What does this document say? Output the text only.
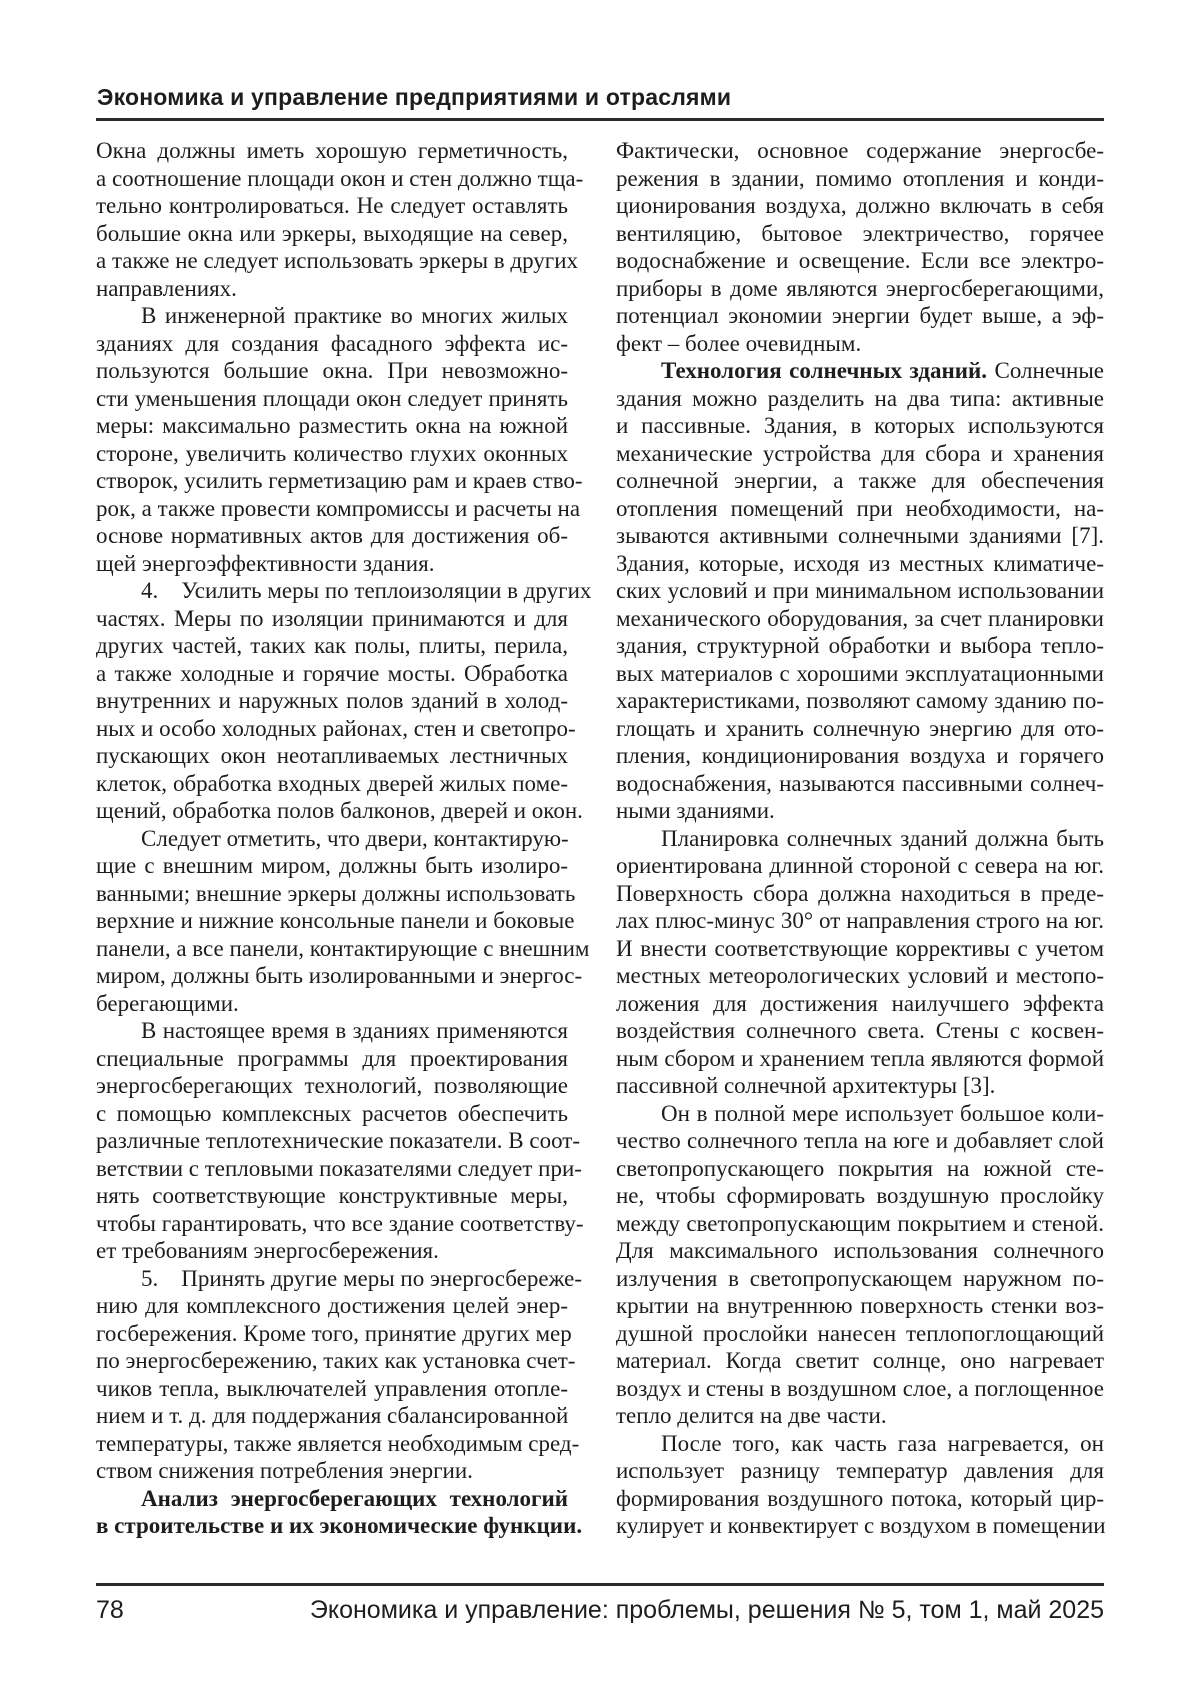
Экономика и управление предприятиями и отраслями
Окна должны иметь хорошую герметичность,
а соотношение площади окон и стен должно тща-
тельно контролироваться. Не следует оставлять
большие окна или эркеры, выходящие на север,
а также не следует использовать эркеры в других
направлениях.
В инженерной практике во многих жилых
зданиях для создания фасадного эффекта ис-
пользуются большие окна. При невозможно-
сти уменьшения площади окон следует принять
меры: максимально разместить окна на южной
стороне, увеличить количество глухих оконных
створок, усилить герметизацию рам и краев ство-
рок, а также провести компромиссы и расчеты на
основе нормативных актов для достижения об-
щей энергоэффективности здания.
4. Усилить меры по теплоизоляции в других
частях. Меры по изоляции принимаются и для
других частей, таких как полы, плиты, перила,
а также холодные и горячие мосты. Обработка
внутренних и наружных полов зданий в холод-
ных и особо холодных районах, стен и светопро-
пускающих окон неотапливаемых лестничных
клеток, обработка входных дверей жилых поме-
щений, обработка полов балконов, дверей и окон.
Следует отметить, что двери, контактирую-
щие с внешним миром, должны быть изолиро-
ванными; внешние эркеры должны использовать
верхние и нижние консольные панели и боковые
панели, а все панели, контактирующие с внешним
миром, должны быть изолированными и энергос-
берегающими.
В настоящее время в зданиях применяются
специальные программы для проектирования
энергосберегающих технологий, позволяющие
с помощью комплексных расчетов обеспечить
различные теплотехнические показатели. В соот-
ветствии с тепловыми показателями следует при-
нять соответствующие конструктивные меры,
чтобы гарантировать, что все здание соответству-
ет требованиям энергосбережения.
5. Принять другие меры по энергосбереже-
нию для комплексного достижения целей энер-
госбережения. Кроме того, принятие других мер
по энергосбережению, таких как установка счет-
чиков тепла, выключателей управления отопле-
нием и т. д. для поддержания сбалансированной
температуры, также является необходимым сред-
ством снижения потребления энергии.
Анализ энергосберегающих технологий
в строительстве и их экономические функции.
Фактически, основное содержание энергосбе-
режения в здании, помимо отопления и конди-
ционирования воздуха, должно включать в себя
вентиляцию, бытовое электричество, горячее
водоснабжение и освещение. Если все электро-
приборы в доме являются энергосберегающими,
потенциал экономии энергии будет выше, а эф-
фект – более очевидным.
Технология солнечных зданий. Солнечные
здания можно разделить на два типа: активные
и пассивные. Здания, в которых используются
механические устройства для сбора и хранения
солнечной энергии, а также для обеспечения
отопления помещений при необходимости, на-
зываются активными солнечными зданиями [7].
Здания, которые, исходя из местных климатиче-
ских условий и при минимальном использовании
механического оборудования, за счет планировки
здания, структурной обработки и выбора тепло-
вых материалов с хорошими эксплуатационными
характеристиками, позволяют самому зданию по-
глощать и хранить солнечную энергию для ото-
пления, кондиционирования воздуха и горячего
водоснабжения, называются пассивными солнеч-
ными зданиями.
Планировка солнечных зданий должна быть
ориентирована длинной стороной с севера на юг.
Поверхность сбора должна находиться в преде-
лах плюс-минус 30° от направления строго на юг.
И внести соответствующие коррективы с учетом
местных метеорологических условий и местопо-
ложения для достижения наилучшего эффекта
воздействия солнечного света. Стены с косвен-
ным сбором и хранением тепла являются формой
пассивной солнечной архитектуры [3].
Он в полной мере использует большое коли-
чество солнечного тепла на юге и добавляет слой
светопропускающего покрытия на южной сте-
не, чтобы сформировать воздушную прослойку
между светопропускающим покрытием и стеной.
Для максимального использования солнечного
излучения в светопропускающем наружном по-
крытии на внутреннюю поверхность стенки воз-
душной прослойки нанесен теплопоглощающий
материал. Когда светит солнце, оно нагревает
воздух и стены в воздушном слое, а поглощенное
тепло делится на две части.
После того, как часть газа нагревается, он
использует разницу температур давления для
формирования воздушного потока, который цир-
кулирует и конвектирует с воздухом в помещении
78	Экономика и управление: проблемы, решения № 5, том 1, май 2025
